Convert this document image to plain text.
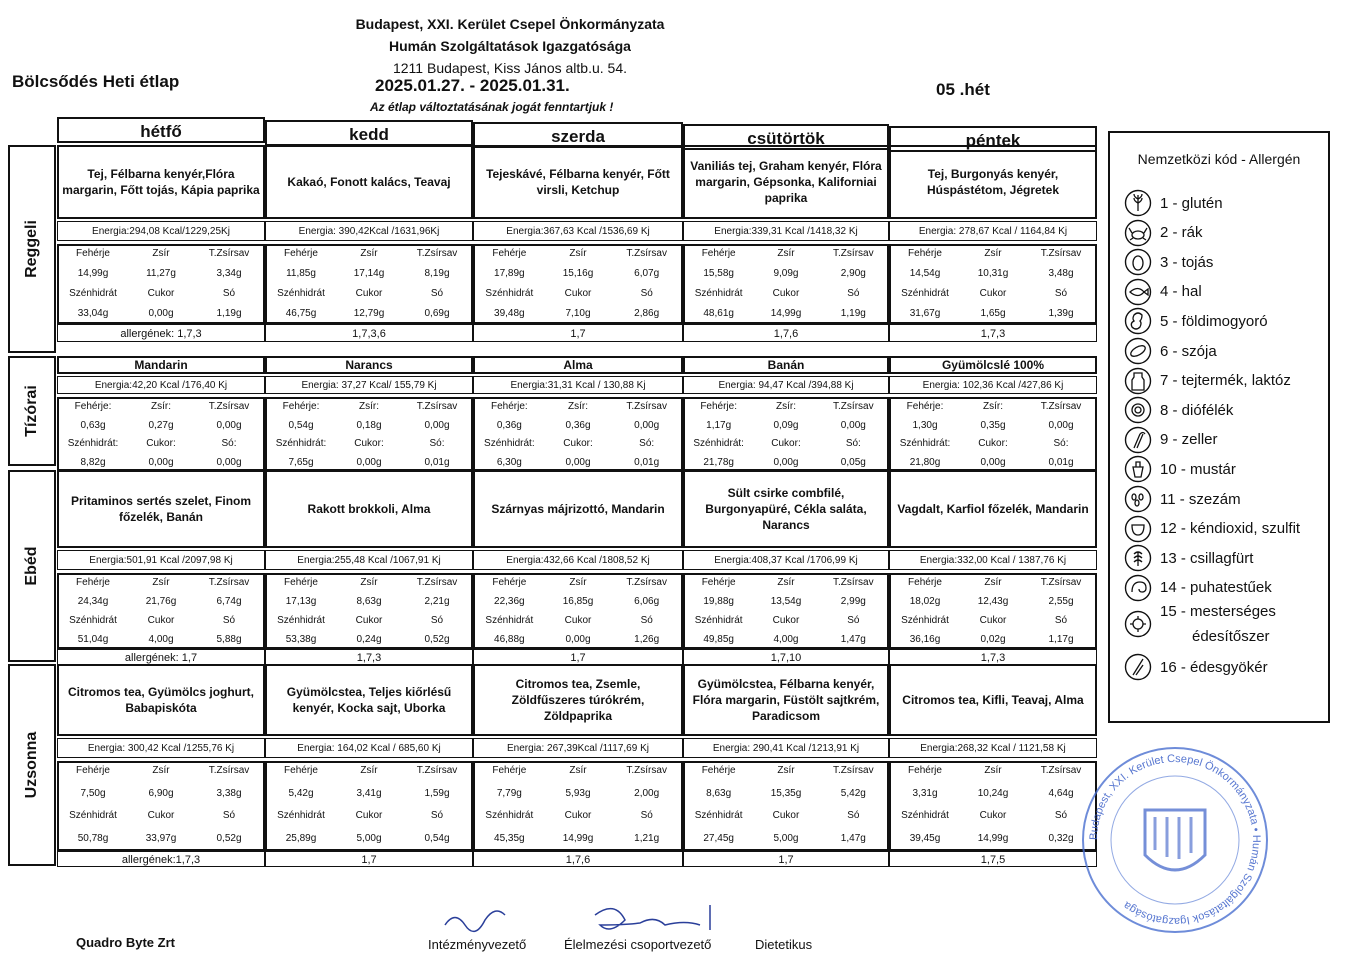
Budapest, XXI. Kerület Csepel Önkormányzata
Humán Szolgáltatások Igazgatósága
1211 Budapest, Kiss János altb.u. 54.
Bölcsődés Heti étlap	2025.01.27. - 2025.01.31.	05 .hét
Az étlap változtatásának jogát fenntartjuk !
hétfő	kedd	szerda	csütörtök	péntek
Reggeli
Tej, Félbarna kenyér,Flóra margarin, Főtt tojás, Kápia paprika
Energia:294,08 Kcal/1229,25Kj
Fehérje	Zsír	T.Zsírsav
14,99g	11,27g	3,34g
Szénhidrát	Cukor	Só
33,04g	0,00g	1,19g
allergének: 1,7,3
Kakaó, Fonott kalács, Teavaj
Energia: 390,42Kcal /1631,96Kj
Fehérje	Zsír	T.Zsírsav
11,85g	17,14g	8,19g
Szénhidrát	Cukor	Só
46,75g	12,79g	0,69g
1,7,3,6
Tejeskávé, Félbarna kenyér, Főtt virsli, Ketchup
Energia:367,63 Kcal /1536,69 Kj
Fehérje	Zsír	T.Zsírsav
17,89g	15,16g	6,07g
Szénhidrát	Cukor	Só
39,48g	7,10g	2,86g
1,7
Vaniliás tej, Graham kenyér, Flóra margarin, Gépsonka, Kaliforniai paprika
Energia:339,31 Kcal /1418,32 Kj
Fehérje	Zsír	T.Zsírsav
15,58g	9,09g	2,90g
Szénhidrát	Cukor	Só
48,61g	14,99g	1,19g
1,7,6
Tej, Burgonyás kenyér, Húspástétom, Jégretek
Energia: 278,67 Kcal / 1164,84 Kj
Fehérje	Zsír	T.Zsírsav
14,54g	10,31g	3,48g
Szénhidrát	Cukor	Só
31,67g	1,65g	1,39g
1,7,3
Tízórai
Mandarin
Energia:42,20 Kcal /176,40 Kj
Fehérje:	Zsír:	T.Zsírsav
0,63g	0,27g	0,00g
Szénhidrát:	Cukor:	Só:
8,82g	0,00g	0,00g
Narancs
Energia: 37,27 Kcal/ 155,79 Kj
Fehérje:	Zsír:	T.Zsírsav
0,54g	0,18g	0,00g
Szénhidrát:	Cukor:	Só:
7,65g	0,00g	0,01g
Alma
Energia:31,31 Kcal / 130,88 Kj
Fehérje:	Zsír:	T.Zsírsav
0,36g	0,36g	0,00g
Szénhidrát:	Cukor:	Só:
6,30g	0,00g	0,01g
Banán
Energia: 94,47 Kcal /394,88 Kj
Fehérje:	Zsír:	T.Zsírsav
1,17g	0,09g	0,00g
Szénhidrát:	Cukor:	Só:
21,78g	0,00g	0,05g
Gyümölcslé 100%
Energia: 102,36 Kcal /427,86 Kj
Fehérje:	Zsír:	T.Zsírsav
1,30g	0,35g	0,00g
Szénhidrát:	Cukor:	Só:
21,80g	0,00g	0,01g
Ebéd
Pritaminos sertés szelet, Finom főzelék, Banán
Energia:501,91 Kcal /2097,98 Kj
Fehérje	Zsír	T.Zsírsav
24,34g	21,76g	6,74g
Szénhidrát	Cukor	Só
51,04g	4,00g	5,88g
allergének: 1,7
Rakott brokkoli, Alma
Energia:255,48 Kcal /1067,91 Kj
Fehérje	Zsír	T.Zsírsav
17,13g	8,63g	2,21g
Szénhidrát	Cukor	Só
53,38g	0,24g	0,52g
1,7,3
Szárnyas májrizottó, Mandarin
Energia:432,66 Kcal /1808,52 Kj
Fehérje	Zsír	T.Zsírsav
22,36g	16,85g	6,06g
Szénhidrát	Cukor	Só
46,88g	0,00g	1,26g
1,7
Sült csirke combfilé, Burgonyapüré, Cékla saláta, Narancs
Energia:408,37 Kcal /1706,99 Kj
Fehérje	Zsír	T.Zsírsav
19,88g	13,54g	2,99g
Szénhidrát	Cukor	Só
49,85g	4,00g	1,47g
1,7,10
Vagdalt, Karfiol főzelék, Mandarin
Energia:332,00 Kcal / 1387,76 Kj
Fehérje	Zsír	T.Zsírsav
18,02g	12,43g	2,55g
Szénhidrát	Cukor	Só
36,16g	0,02g	1,17g
1,7,3
Uzsonna
Citromos tea, Gyümölcs joghurt, Babapiskóta
Energia: 300,42 Kcal /1255,76 Kj
Fehérje	Zsír	T.Zsírsav
7,50g	6,90g	3,38g
Szénhidrát	Cukor	Só
50,78g	33,97g	0,52g
allergének:1,7,3
Gyümölcstea, Teljes kiőrlésű kenyér, Kocka sajt, Uborka
Energia: 164,02 Kcal / 685,60 Kj
Fehérje	Zsír	T.Zsírsav
5,42g	3,41g	1,59g
Szénhidrát	Cukor	Só
25,89g	5,00g	0,54g
1,7
Citromos tea, Zsemle, Zöldfűszeres túrókrém, Zöldpaprika
Energia: 267,39Kcal /1117,69 Kj
Fehérje	Zsír	T.Zsírsav
7,79g	5,93g	2,00g
Szénhidrát	Cukor	Só
45,35g	14,99g	1,21g
1,7,6
Gyümölcstea, Félbarna kenyér, Flóra margarin, Füstölt sajtkrém, Paradicsom
Energia: 290,41 Kcal /1213,91 Kj
Fehérje	Zsír	T.Zsírsav
8,63g	15,35g	5,42g
Szénhidrát	Cukor	Só
27,45g	5,00g	1,47g
1,7
Citromos tea, Kifli, Teavaj, Alma
Energia:268,32 Kcal / 1121,58 Kj
Fehérje	Zsír	T.Zsírsav
3,31g	10,24g	4,64g
Szénhidrát	Cukor	Só
39,45g	14,99g	0,32g
1,7,5
Nemzetközi kód - Allergén
1 - glutén
2 - rák
3 - tojás
4 - hal
5 - földimogyoró
6 - szója
7 - tejtermék, laktóz
8 - diófélék
9 - zeller
10 - mustár
11 - szezám
12 - kéndioxid, szulfit
13 - csillagfürt
14 - puhatestűek
15 - mesterséges
édesítőszer
16 - édesgyökér
Budapest, XXI. Kerület Csepel Önkormányzata • Humán Szolgáltatások Igazgatósága
Quadro Byte Zrt	Intézményvezető	Élelmezési csoportvezető	Dietetikus
